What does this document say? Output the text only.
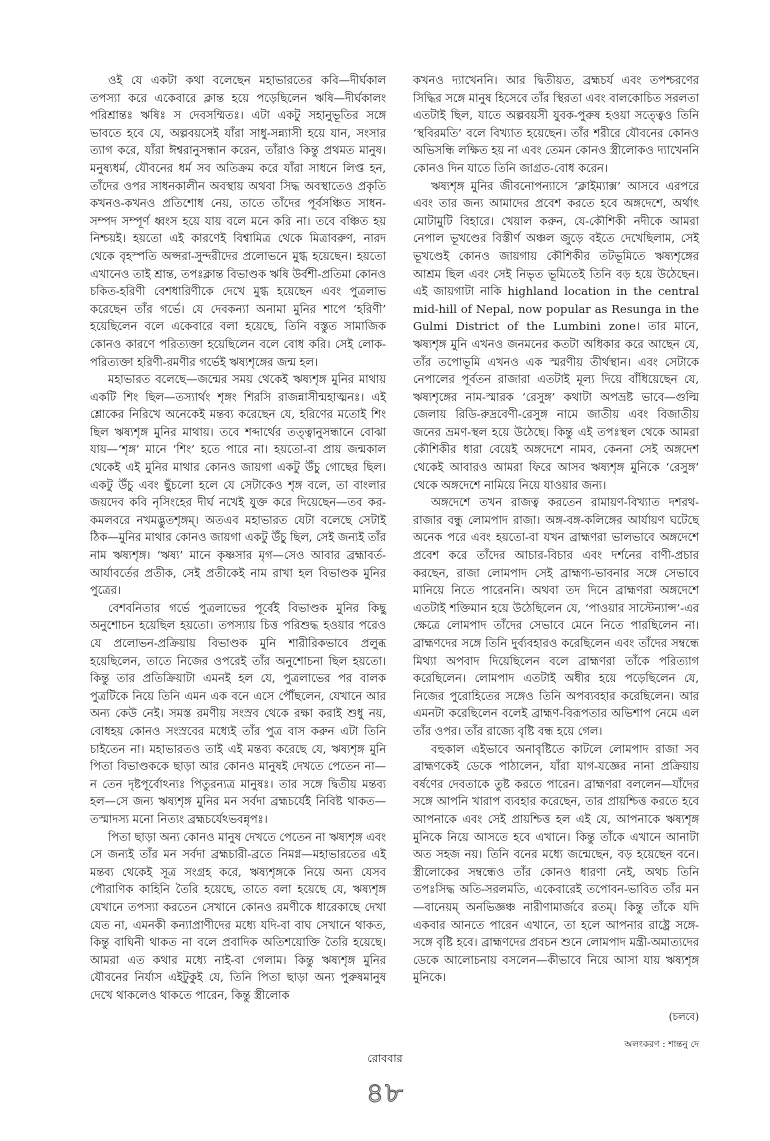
ওই যে একটা কথা বলেছেন মহাভারতের কবি—দীর্ঘকাল তপস্যা করে একেবারে ক্লান্ত হয়ে পড়েছিলেন ঋষি—দীর্ঘকালং পরিশ্রান্তঃ ঋষিঃ স দেবসম্মিতঃ। এটা একটু সহানুভূতির সঙ্গে ভাবতে হবে যে, অল্পবয়সেই যাঁরা সাধু-সন্ন্যাসী হয়ে যান, সংসার ত্যাগ করে, যাঁরা ঈশ্বরানুসন্ধান করেন, তাঁরাও কিন্তু প্রথমত মানুষ। মনুষ্যধর্ম, যৌবনের ধর্ম সব অতিক্রম করে যাঁরা সাধনে লিপ্ত হন, তাঁদের ওপর সাধনকালীন অবস্থায় অথবা সিদ্ধ অবস্থাতেও প্রকৃতি কখনও-কখনও প্রতিশোধ নেয়, তাতে তাঁদের পূর্বসঞ্চিত সাধন-সম্পদ সম্পূর্ণ ধ্বংস হয়ে যায় বলে মনে করি না। তবে বঞ্চিত হয় নিশ্চয়ই। হয়তো এই কারণেই বিশ্বামিত্র থেকে মিত্রাবরুণ, নারদ থেকে বৃহস্পতি অপ্সরা-সুন্দরীদের প্রলোভনে মুগ্ধ হয়েছেন। হয়তো এখানেও তাই শ্রান্ত, তপঃক্লান্ত বিভাণ্ডক ঋষি উর্বশী-প্রতিমা কোনও চকিত-হরিণী বেশধারিণীকে দেখে মুগ্ধ হয়েছেন এবং পুত্রলাভ করেছেন তাঁর গর্ভে। যে দেবকন্যা অনামা মুনির শাপে ‘হরিণী’ হয়েছিলেন বলে একেবারে বলা হয়েছে, তিনি বস্তুত সামাজিক কোনও কারণে পরিত্যক্তা হয়েছিলেন বলে বোধ করি। সেই লোক-পরিত্যক্তা হরিণী-রমণীর গর্ভেই ঋষ্যশৃঙ্গের জন্ম হল।

মহাভারত বলেছে—জন্মের সময় থেকেই ঋষ্যশৃঙ্গ মুনির মাথায় একটি শিং ছিল—তস্যার্থং শৃঙ্গং শিরসি রাজন্নাসীন্মহাত্মনঃ। এই শ্লোকের নিরিখে অনেকেই মন্তব্য করেছেন যে, হরিণের মতোই শিং ছিল ঋষ্যশৃঙ্গ মুনির মাথায়। তবে শব্দার্থের তত্ত্বানুসন্ধানে বোঝা যায়—‘শৃঙ্গ’ মানে ‘শিং’ হতে পারে না। হয়তো-বা প্রায় জন্মকাল থেকেই এই মুনির মাথার কোনও জায়গা একটু উঁচু গোছের ছিল। একটু উঁচু এবং ছুঁচলো হলে যে সেটাকেও শৃঙ্গ বলে, তা বাংলার জয়দেব কবি নৃসিংহের দীর্ঘ নখেই যুক্ত করে দিয়েছেন—তব কর-কমলবরে নখমদ্ভুতশৃঙ্গম্। অতএব মহাভারত যেটা বলেছে সেটাই ঠিক—মুনির মাথার কোনও জায়গা একটু উঁচু ছিল, সেই জন্যই তাঁর নাম ঋষ্যশৃঙ্গ। ‘ঋষ্য’ মানে কৃষ্ণসার মৃগ—সেও আবার ব্রহ্মাবর্ত-আর্যাবর্তের প্রতীক, সেই প্রতীকেই নাম রাখা হল বিভাণ্ডক মুনির পুত্রের।

বেশবনিতার গর্ভে পুত্রলাভের পূর্বেই বিভাণ্ডক মুনির কিছু অনুশোচন হয়েছিল হয়তো। তপস্যায় চিত্ত পরিশুদ্ধ হওয়ার পরেও যে প্রলোভন-প্রক্রিয়ায় বিভাণ্ডক মুনি শারীরিকভাবে প্রলুব্ধ হয়েছিলেন, তাতে নিজের ওপরেই তাঁর অনুশোচনা ছিল হয়তো। কিন্তু তার প্রতিক্রিয়াটা এমনই হল যে, পুত্রলাভের পর বালক পুত্রটিকে নিয়ে তিনি এমন এক বনে এসে পৌঁছলেন, যেখানে আর অন্য কেউ নেই। সমস্ত রমণীয় সংস্রব থেকে রক্ষা করাই শুধু নয়, বোধহয় কোনও সংস্রবের মধ্যেই তাঁর পুত্র বাস করুন এটা তিনি চাইতেন না। মহাভারতও তাই এই মন্তব্য করেছে যে, ঋষ্যশৃঙ্গ মুনি পিতা বিভাণ্ডককে ছাড়া আর কোনও মানুষই দেখতে পেতেন না—ন তেন দৃষ্টপূর্বোঽন্যঃ পিতুরন্যত্র মানুষঃ। তার সঙ্গে দ্বিতীয় মন্তব্য হল—সে জন্য ঋষ্যশৃঙ্গ মুনির মন সর্বদা ব্রহ্মচর্যেই নিবিষ্ট থাকত—তস্মাদস্য মনো নিত্যং ব্রহ্মচর্যেঽভবন্নৃপঃ।

পিতা ছাড়া অন্য কোনও মানুষ দেখতে পেতেন না ঋষ্যশৃঙ্গ এবং সে জন্যই তাঁর মন সর্বদা ব্রহ্মচারী-ব্রতে নিমগ্ন—মহাভারতের এই মন্তব্য থেকেই সূত্র সংগ্রহ করে, ঋষ্যশৃঙ্গকে নিয়ে অন্য যেসব পৌরাণিক কাহিনি তৈরি হয়েছে, তাতে বলা হয়েছে যে, ঋষ্যশৃঙ্গ যেখানে তপস্যা করতেন সেখানে কোনও রমণীকে ধারেকাছে দেখা যেত না, এমনকী কন্যাপ্রাণীদের মধ্যে যদি-বা বাঘ সেখানে থাকত, কিন্তু বাঘিনী থাকত না বলে প্রবাদিক অতিশয়োক্তি তৈরি হয়েছে। আমরা এত কথার মধ্যে নাই-বা গেলাম। কিন্তু ঋষ্যশৃঙ্গ মুনির যৌবনের নির্যাস এইটুকুই যে, তিনি পিতা ছাড়া অন্য পুরুষমানুষ দেখে থাকলেও থাকতে পারেন, কিন্তু স্ত্রীলোক

কখনও দ্যাখেননি। আর দ্বিতীয়ত, ব্রহ্মচর্য এবং তপশ্চরণের সিদ্ধির সঙ্গে মানুষ হিসেবে তাঁর স্থিরতা এবং বালকোচিত সরলতা এতটাই ছিল, যাতে অল্পবয়সী যুবক-পুরুষ হওয়া সত্ত্বেও তিনি ‘স্থবিরমতি’ বলে বিখ্যাত হয়েছেন। তাঁর শরীরে যৌবনের কোনও অভিসন্ধি লক্ষিত হয় না এবং তেমন কোনও স্ত্রীলোকও দ্যাখেননি কোনও দিন যাতে তিনি জাগ্রত-বোধ করেন।

ঋষ্যশৃঙ্গ মুনির জীবনোপন্যাসে ‘ক্লাইম্যাক্স’ আসবে এরপরে এবং তার জন্য আমাদের প্রবেশ করতে হবে অঙ্গদেশে, অর্থাৎ মোটামুটি বিহারে। খেয়াল করুন, যে-কৌশিকী নদীকে আমরা নেপাল ভূখণ্ডের বিস্তীর্ণ অঞ্চল জুড়ে বইতে দেখেছিলাম, সেই ভূখণ্ডেই কোনও জায়গায় কৌশিকীর তটভূমিতে ঋষ্যশৃঙ্গের আশ্রম ছিল এবং সেই নিভৃত ভূমিতেই তিনি বড় হয়ে উঠেছেন। এই জায়গাটা নাকি highland location in the central mid-hill of Nepal, now popular as Resunga in the Gulmi District of the Lumbini zone। তার মানে, ঋষ্যশৃঙ্গ মুনি এখনও জনমনের কতটা অধিকার করে আছেন যে, তাঁর তপোভূমি এখনও এক স্মরণীয় তীর্থস্থান। এবং সেটাকে নেপালের পূর্বতন রাজারা এতটাই মূল্য দিয়ে বাঁধিয়েছেন যে, ঋষ্যশৃঙ্গের নাম-স্মারক ‘রেসুঙ্গ’ কথাটা অপভ্রষ্ট ভাবে—গুল্মি জেলায় রিডি-রুদ্রবেণী-রেসুঙ্গ নামে জাতীয় এবং বিজাতীয় জনের ভ্রমণ-স্থল হয়ে উঠেছে। কিন্তু এই তপঃস্থল থেকে আমরা কৌশিকীর ধারা বেয়েই অঙ্গদেশে নামব, কেননা সেই অঙ্গদেশ থেকেই আবারও আমরা ফিরে আসব ঋষ্যশৃঙ্গ মুনিকে ‘রেসুঙ্গ’ থেকে অঙ্গদেশে নামিয়ে নিয়ে যাওয়ার জন্য।

অঙ্গদেশে তখন রাজত্ব করতেন রামায়ণ-বিখ্যাত দশরথ-রাজার বন্ধু লোমপাদ রাজা। অঙ্গ-বঙ্গ-কলিঙ্গের আর্যায়ণ ঘটেছে অনেক পরে এবং হয়তো-বা যখন ব্রাহ্মণরা ভালভাবে অঙ্গদেশে প্রবেশ করে তাঁদের আচার-বিচার এবং দর্শনের বাণী-প্রচার করছেন, রাজা লোমপাদ সেই ব্রাহ্মণ্য-ভাবনার সঙ্গে সেভাবে মানিয়ে নিতে পারেননি। অথবা তদ দিনে ব্রাহ্মণরা অঙ্গদেশে এতটাই শক্তিমান হয়ে উঠেছিলেন যে, ‘পাওয়ার সাস্টেন্যান্স’-এর ক্ষেত্রে লোমপাদ তাঁদের সেভাবে মেনে নিতে পারছিলেন না। ব্রাহ্মণদের সঙ্গে তিনি দুর্ব্যবহারও করেছিলেন এবং তাঁদের সম্বন্ধে মিথ্যা অপবাদ দিয়েছিলেন বলে ব্রাহ্মণরা তাঁকে পরিত্যাগ করেছিলেন। লোমপাদ এতটাই অধীর হয়ে পড়েছিলেন যে, নিজের পুরোহিতের সঙ্গেও তিনি অপব্যবহার করেছিলেন। আর এমনটা করেছিলেন বলেই ব্রাহ্মণ-বিরূপতার অভিশাপ নেমে এল তাঁর ওপর। তাঁর রাজ্যে বৃষ্টি বন্ধ হয়ে গেল।

বহুকাল এইভাবে অনাবৃষ্টিতে কাটলে লোমপাদ রাজা সব ব্রাহ্মণকেই ডেকে পাঠালেন, যাঁরা যাগ-যজ্ঞের নানা প্রক্রিয়ায় বর্ষণের দেবতাকে তুষ্ট করতে পারেন। ব্রাহ্মণরা বললেন—যাঁদের সঙ্গে আপনি খারাপ ব্যবহার করেছেন, তার প্রায়শ্চিত্ত করতে হবে আপনাকে এবং সেই প্রায়শ্চিত্ত হল এই যে, আপনাকে ঋষ্যশৃঙ্গ মুনিকে নিয়ে আসতে হবে এখানে। কিন্তু তাঁকে এখানে আনাটা অত সহজ নয়। তিনি বনের মধ্যে জন্মেছেন, বড় হয়েছেন বনে। স্ত্রীলোকের সম্বন্ধেও তাঁর কোনও ধারণা নেই, অথচ তিনি তপঃসিদ্ধ অতি-সরলমতি, একেবারেই তপোবন-ভাবিত তাঁর মন—বানেয়ম্ অনভিজ্ঞঞ্চ নারীণামার্জবে রতম্। কিন্তু তাঁকে যদি একবার আনতে পারেন এখানে, তা হলে আপনার রাষ্ট্রে সঙ্গে-সঙ্গে বৃষ্টি হবে। ব্রাহ্মণদের প্রবচন শুনে লোমপাদ মন্ত্রী-অমাত্যদের ডেকে আলোচনায় বসলেন—কীভাবে নিয়ে আসা যায় ঋষ্যশৃঙ্গ মুনিকে।

(চলবে)
অলংকরণ : শান্তনু দে
রোববার
৪৮
